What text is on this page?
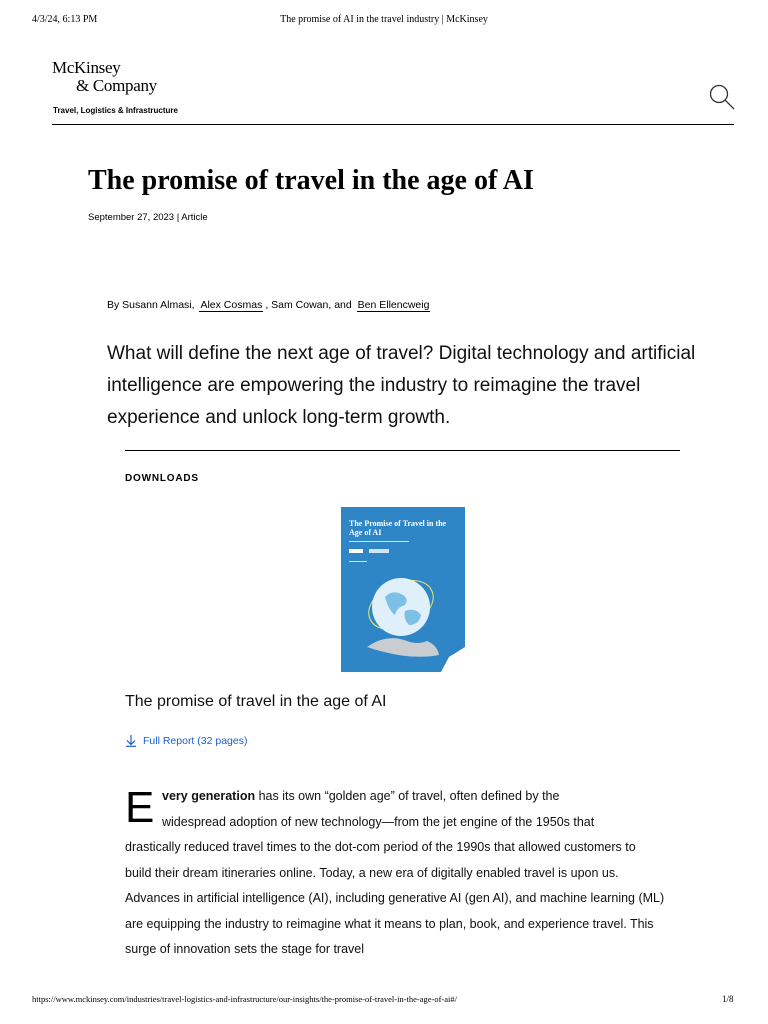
4/3/24, 6:13 PM	The promise of AI in the travel industry | McKinsey
McKinsey
& Company
Travel, Logistics & Infrastructure
The promise of travel in the age of AI
September 27, 2023 | Article
By Susann Almasi, Alex Cosmas , Sam Cowan, and Ben Ellencweig
What will define the next age of travel? Digital technology and artificial intelligence are empowering the industry to reimagine the travel experience and unlock long-term growth.
DOWNLOADS
The Promise of Travel in the Age of AI
The promise of travel in the age of AI
Full Report (32 pages)
E very generation has its own “golden age” of travel, often defined by the
widespread adoption of new technology—from the jet engine of the 1950s that
drastically reduced travel times to the dot-com period of the 1990s that allowed customers to build their dream itineraries online. Today, a new era of digitally enabled travel is upon us. Advances in artificial intelligence (AI), including generative AI (gen AI), and machine learning (ML) are equipping the industry to reimagine what it means to plan, book, and experience travel. This surge of innovation sets the stage for travel
https://www.mckinsey.com/industries/travel-logistics-and-infrastructure/our-insights/the-promise-of-travel-in-the-age-of-ai#/	1/8
